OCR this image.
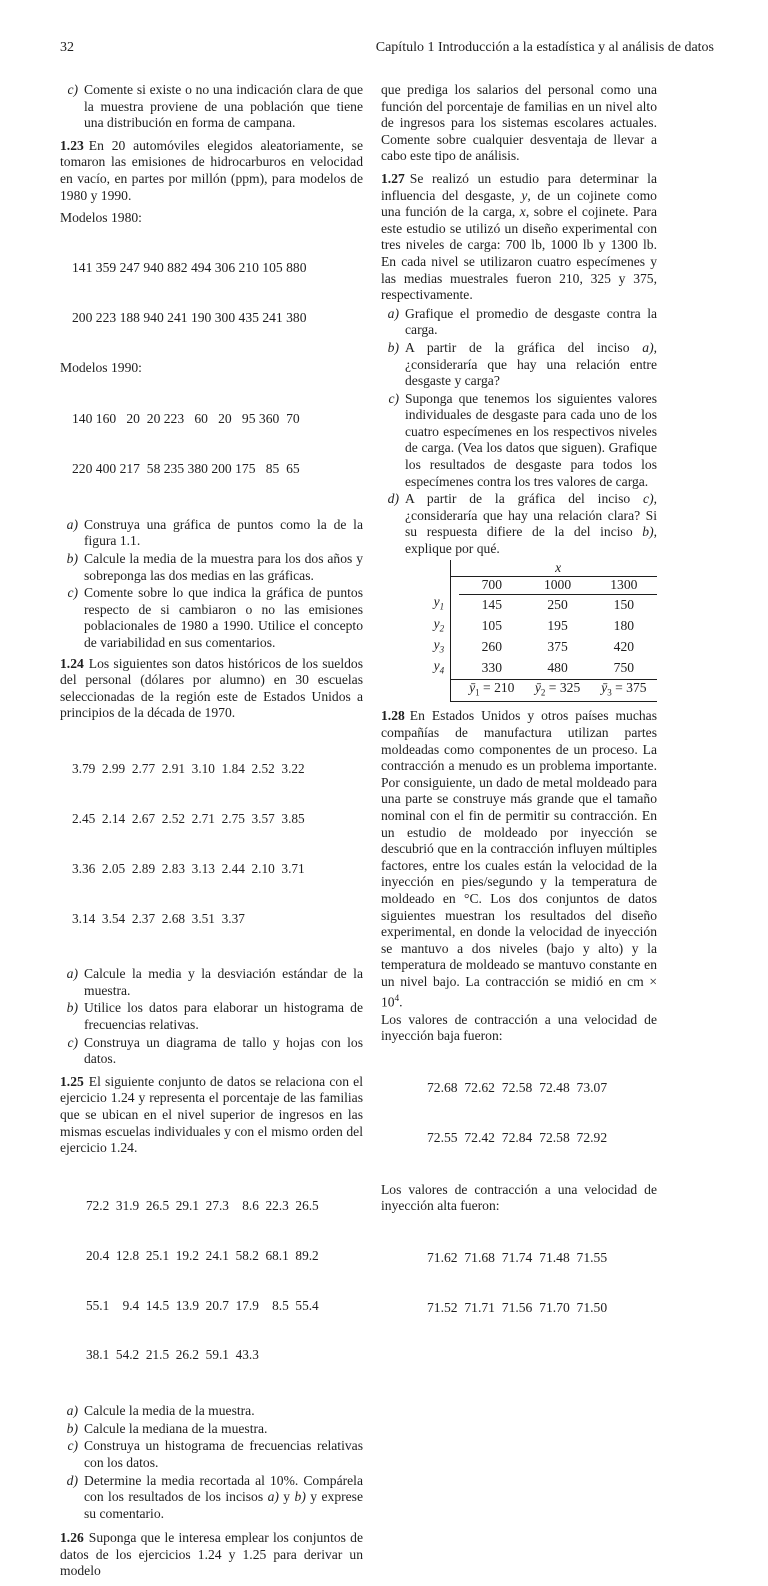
32	Capítulo 1 Introducción a la estadística y al análisis de datos
c) Comente si existe o no una indicación clara de que la muestra proviene de una población que tiene una distribución en forma de campana.
1.23 En 20 automóviles elegidos aleatoriamente, se tomaron las emisiones de hidrocarburos en velocidad en vacío, en partes por millón (ppm), para modelos de 1980 y 1990.
Modelos 1980:

141 359 247 940 882 494 306 210 105 880

200 223 188 940 241 190 300 435 241 380

Modelos 1990:

140 160   20  20 223   60   20   95 360  70

220 400 217  58 235 380 200 175   85  65

a) Construya una gráfica de puntos como la de la figura 1.1.
b) Calcule la media de la muestra para los dos años y sobreponga las dos medias en las gráficas.
c) Comente sobre lo que indica la gráfica de puntos respecto de si cambiaron o no las emisiones poblacionales de 1980 a 1990. Utilice el concepto de variabilidad en sus comentarios.
1.24 Los siguientes son datos históricos de los sueldos del personal (dólares por alumno) en 30 escuelas seleccionadas de la región este de Estados Unidos a principios de la década de 1970.

3.79  2.99  2.77  2.91  3.10  1.84  2.52  3.22

2.45  2.14  2.67  2.52  2.71  2.75  3.57  3.85

3.36  2.05  2.89  2.83  3.13  2.44  2.10  3.71

3.14  3.54  2.37  2.68  3.51  3.37

a) Calcule la media y la desviación estándar de la muestra.
b) Utilice los datos para elaborar un histograma de frecuencias relativas.
c) Construya un diagrama de tallo y hojas con los datos.
1.25 El siguiente conjunto de datos se relaciona con el ejercicio 1.24 y representa el porcentaje de las familias que se ubican en el nivel superior de ingresos en las mismas escuelas individuales y con el mismo orden del ejercicio 1.24.

72.2  31.9  26.5  29.1  27.3    8.6  22.3  26.5

20.4  12.8  25.1  19.2  24.1  58.2  68.1  89.2

55.1    9.4  14.5  13.9  20.7  17.9    8.5  55.4

38.1  54.2  21.5  26.2  59.1  43.3

a) Calcule la media de la muestra.
b) Calcule la mediana de la muestra.
c) Construya un histograma de frecuencias relativas con los datos.
d) Determine la media recortada al 10%. Compárela con los resultados de los incisos a) y b) y exprese su comentario.
1.26 Suponga que le interesa emplear los conjuntos de datos de los ejercicios 1.24 y 1.25 para derivar un modelo
que prediga los salarios del personal como una función del porcentaje de familias en un nivel alto de ingresos para los sistemas escolares actuales. Comente sobre cualquier desventaja de llevar a cabo este tipo de análisis.
1.27 Se realizó un estudio para determinar la influencia del desgaste, y, de un cojinete como una función de la carga, x, sobre el cojinete. Para este estudio se utilizó un diseño experimental con tres niveles de carga: 700 lb, 1000 lb y 1300 lb. En cada nivel se utilizaron cuatro especímenes y las medias muestrales fueron 210, 325 y 375, respectivamente.
a) Grafique el promedio de desgaste contra la carga.
b) A partir de la gráfica del inciso a), ¿consideraría que hay una relación entre desgaste y carga?
c) Suponga que tenemos los siguientes valores individuales de desgaste para cada uno de los cuatro especímenes en los respectivos niveles de carga. (Vea los datos que siguen). Grafique los resultados de desgaste para todos los especímenes contra los tres valores de carga.
d) A partir de la gráfica del inciso c), ¿consideraría que hay una relación clara? Si su respuesta difiere de la del inciso b), explique por qué.
		x		
		700	1000	1300
$y_1$		145	250	150
$y_2$		105	195	180
$y_3$		260	375	420
$y_4$		330	480	750
		$ȳ_1 = 210$	$ȳ_2 = 325$	$ȳ_3 = 375$
1.28 En Estados Unidos y otros países muchas compañías de manufactura utilizan partes moldeadas como componentes de un proceso. La contracción a menudo es un problema importante. Por consiguiente, un dado de metal moldeado para una parte se construye más grande que el tamaño nominal con el fin de permitir su contracción. En un estudio de moldeado por inyección se descubrió que en la contracción influyen múltiples factores, entre los cuales están la velocidad de la inyección en pies/segundo y la temperatura de moldeado en °C. Los dos conjuntos de datos siguientes muestran los resultados del diseño experimental, en donde la velocidad de inyección se mantuvo a dos niveles (bajo y alto) y la temperatura de moldeado se mantuvo constante en un nivel bajo. La contracción se midió en cm × $10^4$.
Los valores de contracción a una velocidad de inyección baja fueron:

72.68  72.62  72.58  72.48  73.07

72.55  72.42  72.84  72.58  72.92

Los valores de contracción a una velocidad de inyección alta fueron:

71.62  71.68  71.74  71.48  71.55

71.52  71.71  71.56  71.70  71.50
